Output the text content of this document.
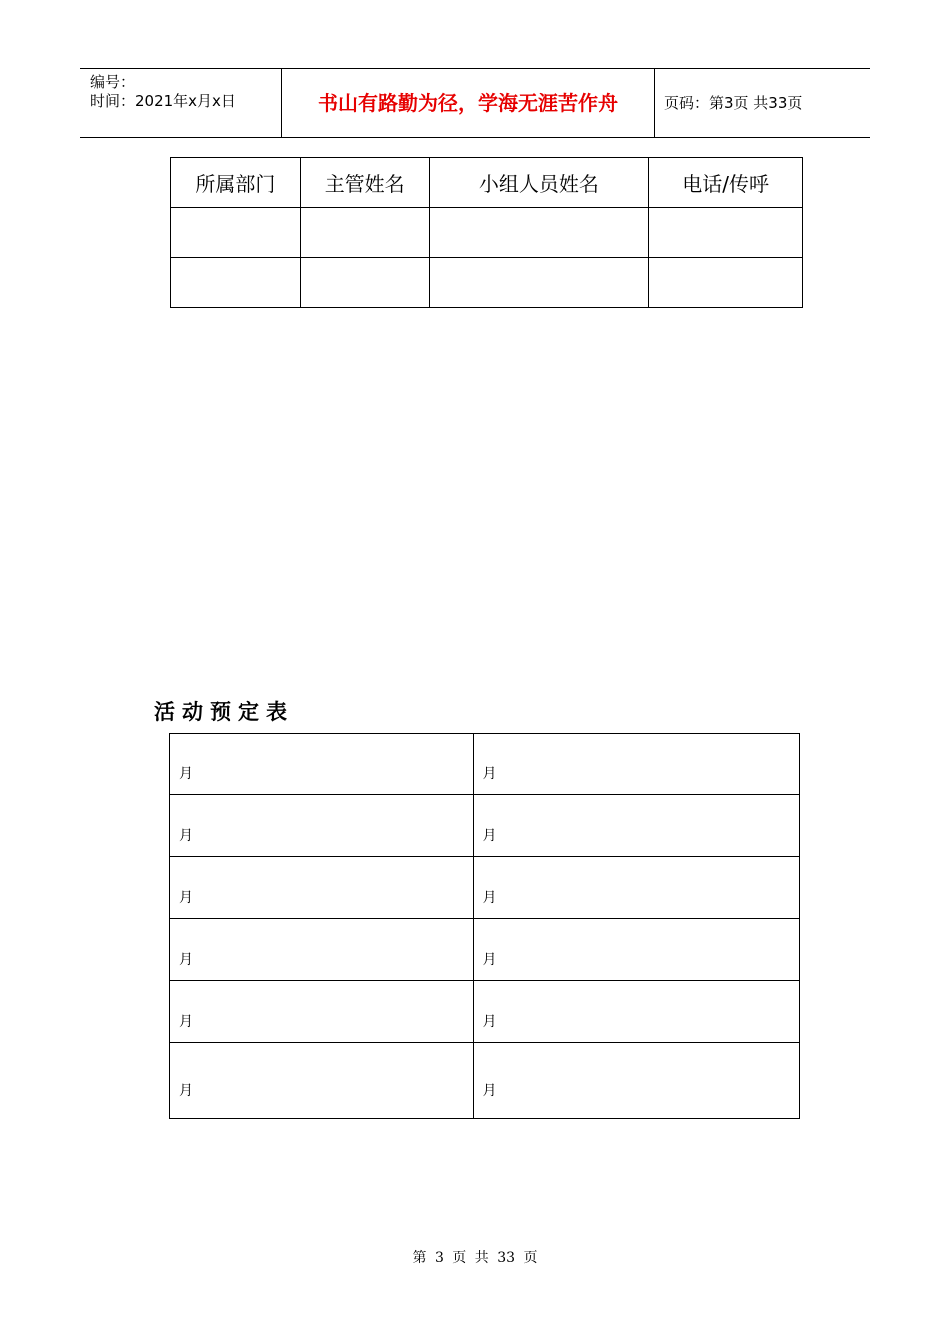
编号：
时间：2021年x月x日	书山有路勤为径，学海无涯苦作舟	页码：第3页 共33页
所属部门	主管姓名	小组人员姓名	电话/传呼

活动预定表
月	月
月	月
月	月
月	月
月	月
月	月
第 3 页 共 33 页
